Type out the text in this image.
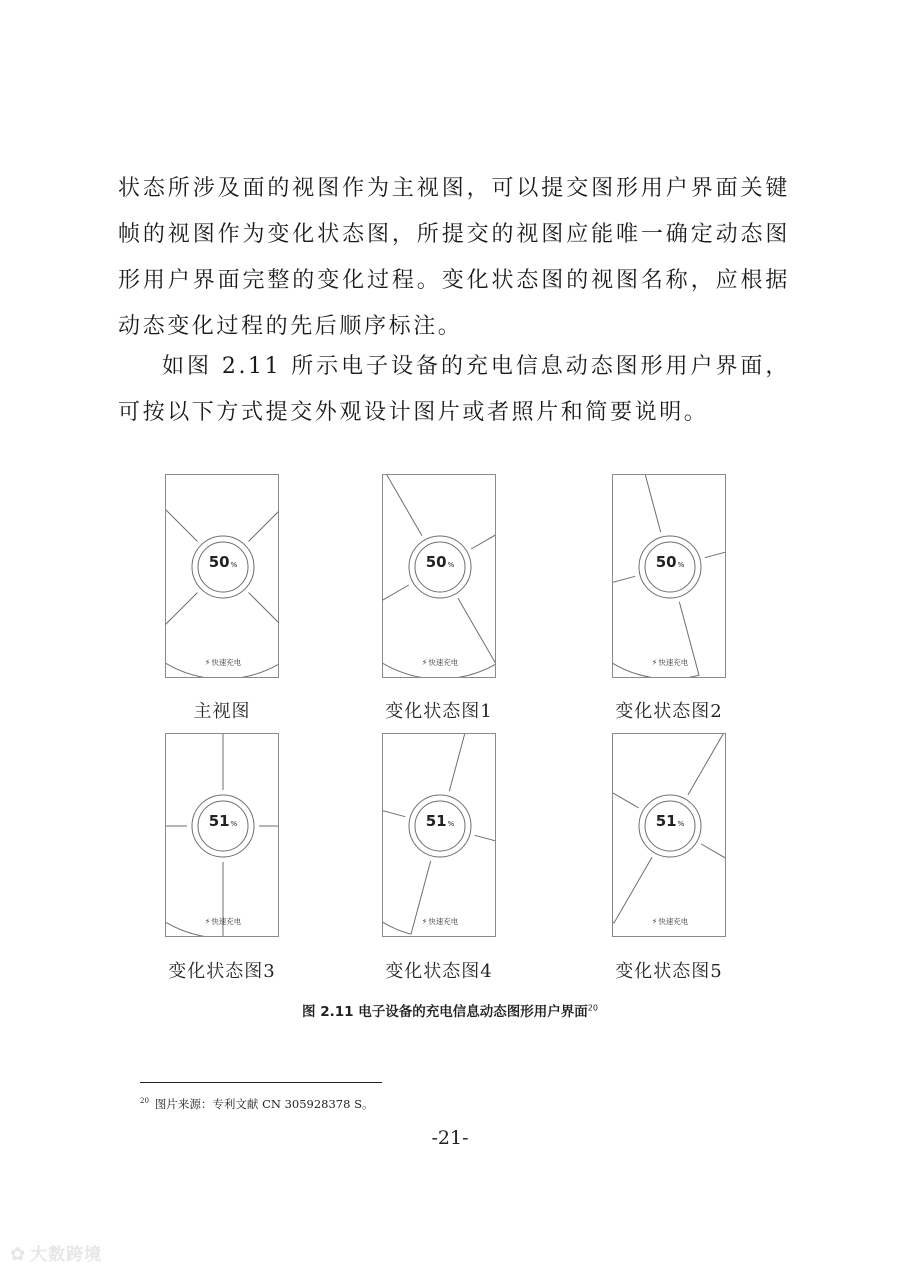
状态所涉及面的视图作为主视图，可以提交图形用户界面关键帧的视图作为变化状态图，所提交的视图应能唯一确定动态图形用户界面完整的变化过程。变化状态图的视图名称，应根据动态变化过程的先后顺序标注。

如图 2.11 所示电子设备的充电信息动态图形用户界面，可按以下方式提交外观设计图片或者照片和简要说明。

50%
⚡快速充电
主视图
50%
⚡快速充电
变化状态图1
50%
⚡快速充电
变化状态图2
51%
⚡快速充电
变化状态图3
51%
⚡快速充电
变化状态图4
51%
⚡快速充电
变化状态图5
图 2.11 电子设备的充电信息动态图形用户界面$^{20}$
$^{20}$ 图片来源：专利文献 CN 305928378 S。
-21-
✿ 大数跨境
